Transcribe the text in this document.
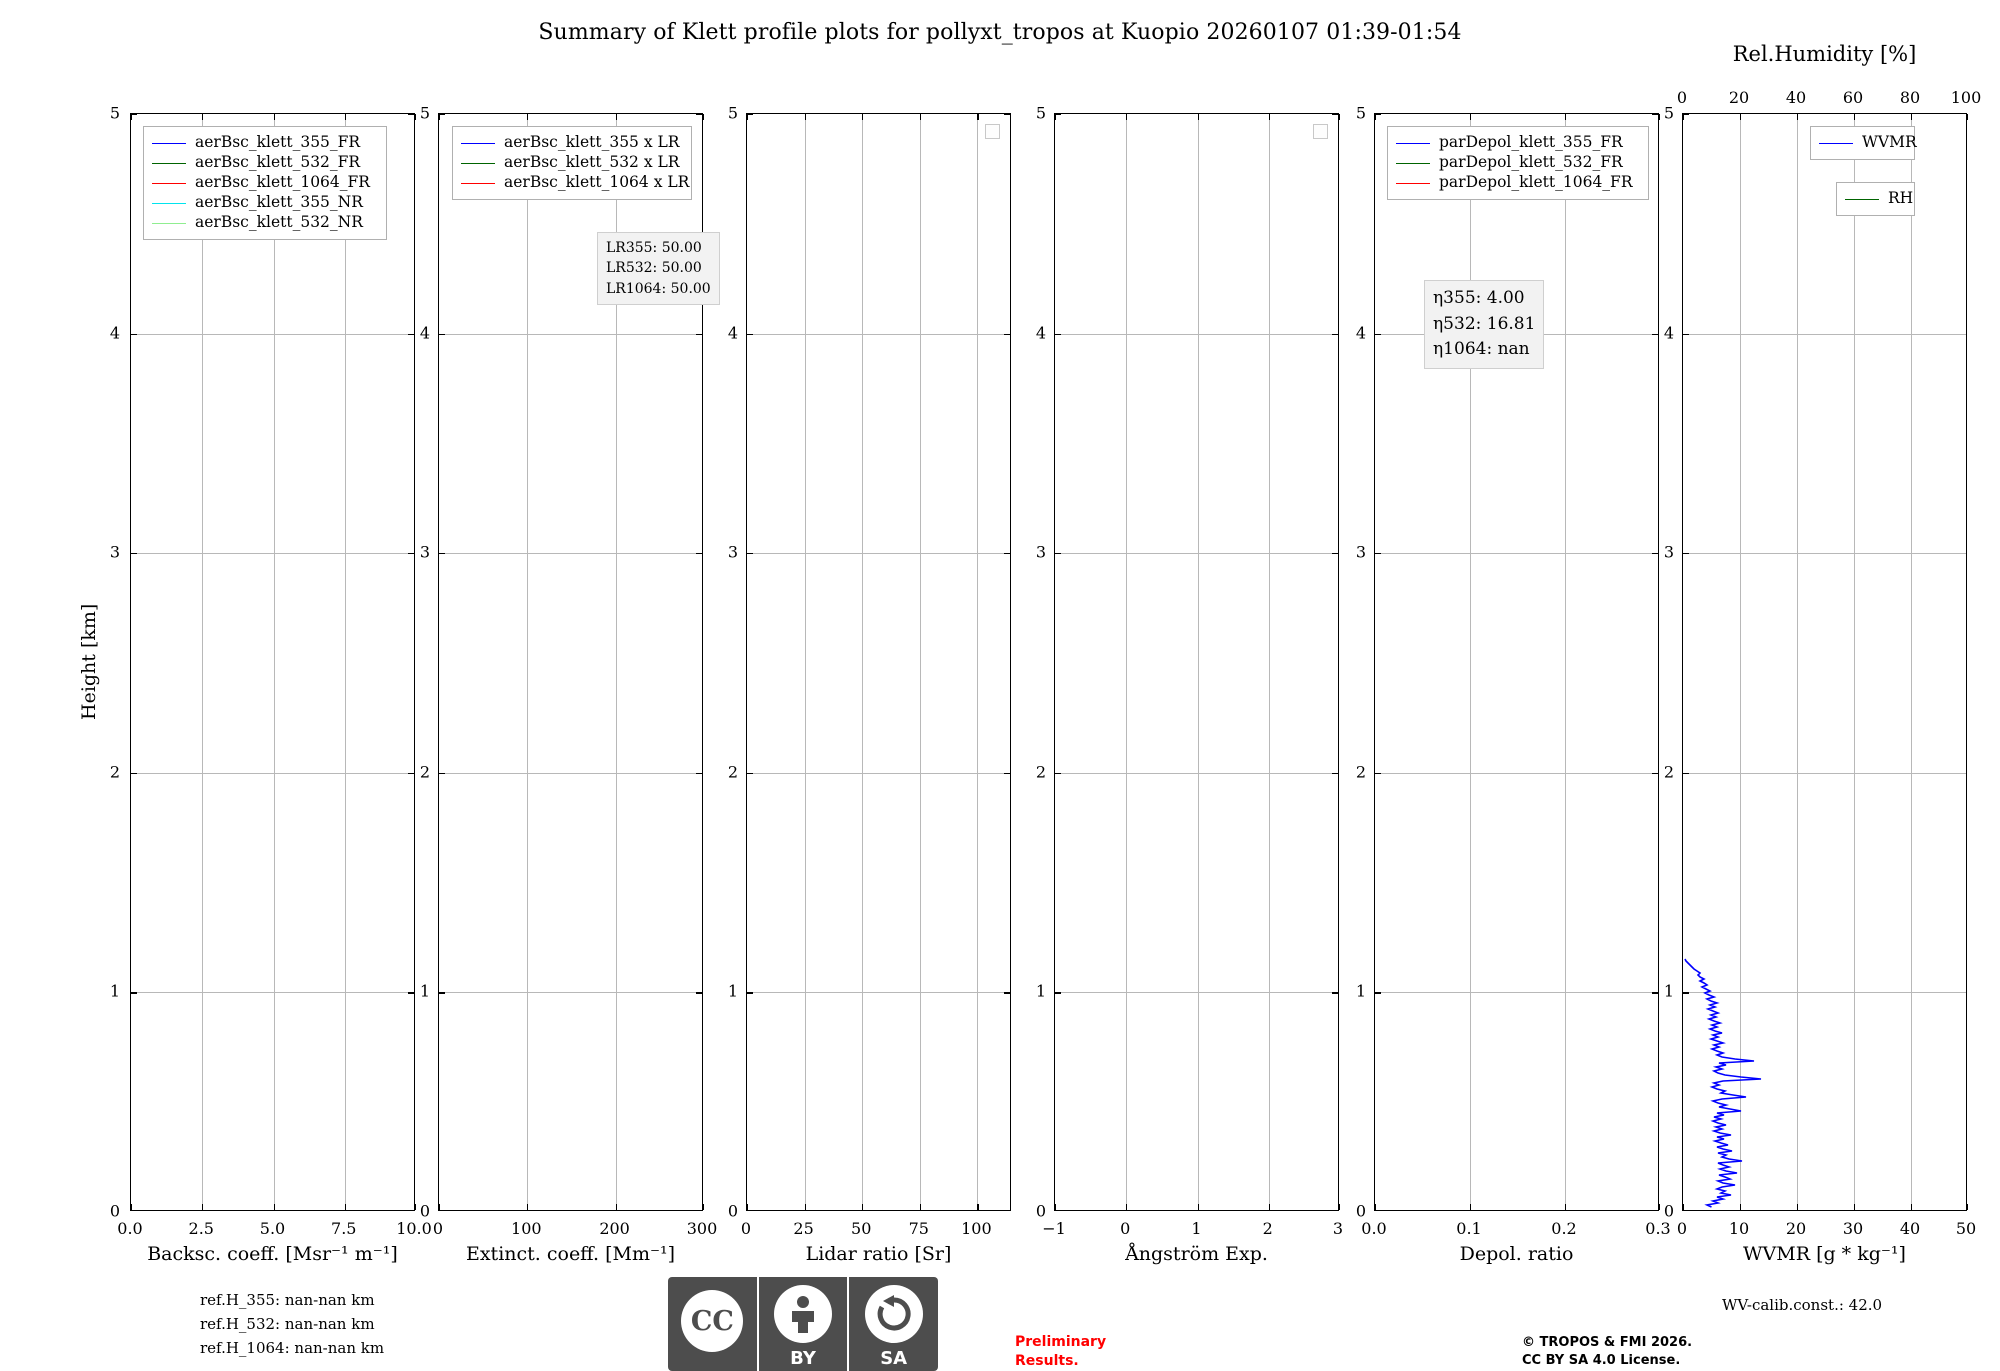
Summary of Klett profile plots for pollyxt_tropos at Kuopio 20260107 01:39-01:54
5
4
3
2
1
0
Height [km]
0.0	2.5	5.0	7.5 10.0
Backsc. coeff. [Msr⁻¹ m⁻¹]
aerBsc_klett_355_FR
aerBsc_klett_532_FR
aerBsc_klett_1064_FR
aerBsc_klett_355_NR
aerBsc_klett_532_NR
5
4
3
2
1
0
0	100	200	300
Extinct. coeff. [Mm⁻¹]
aerBsc_klett_355 x LR
aerBsc_klett_532 x LR
aerBsc_klett_1064 x LR
LR355: 50.00
LR532: 50.00
LR1064: 50.00
5
4
3
2
1
0
0	25 50 75 100
Lidar ratio [Sr]
5
4
3
2
1
0
−1	0	1	2	3
Ångström Exp.
5
4
3
2
1
0
0.0	0.1	0.2	0.3
Depol. ratio
parDepol_klett_355_FR
parDepol_klett_532_FR
parDepol_klett_1064_FR
η355: 4.00
η532: 16.81
η1064: nan
5
4
3
2
1
0
0	10 20 30 40 50
WVMR [g * kg⁻¹]
0	20 40 60 80 100
Rel.Humidity [%]
WVMR
RH
ref.H_355: nan-nan km
ref.H_532: nan-nan km
ref.H_1064: nan-nan km
CC
BY	SA
Preliminary
Results.
© TROPOS & FMI 2026.
CC BY SA 4.0 License.
WV-calib.const.: 42.0
